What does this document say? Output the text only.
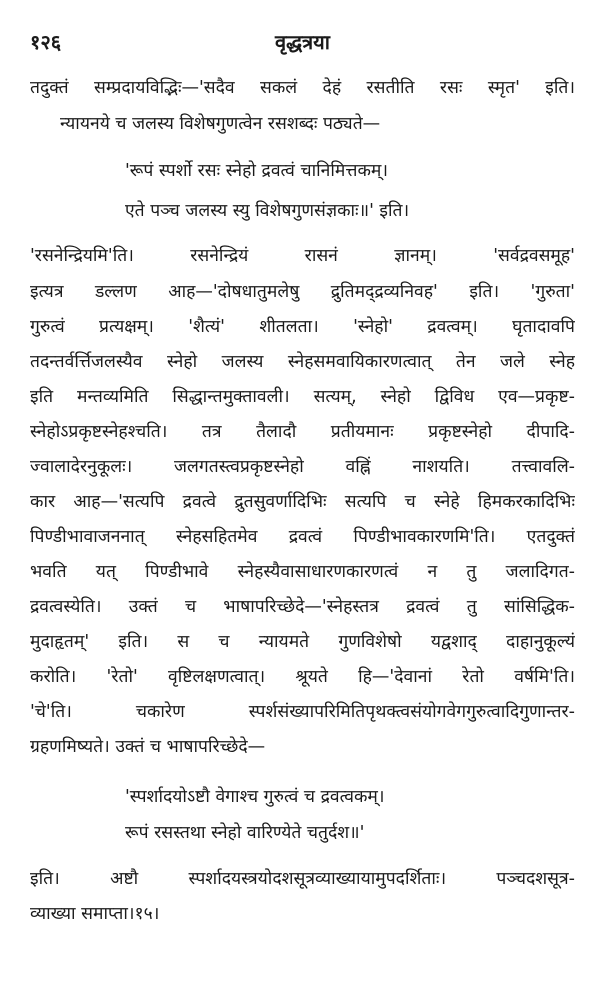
१२६	वृद्धत्रया
तदुक्तं सम्प्रदायविद्भिः—'सदैव सकलं देहं रसतीति रसः स्मृत' इति।
न्यायनये च जलस्य विशेषगुणत्वेन रसशब्दः पठ्यते—
'रूपं स्पर्शो रसः स्नेहो द्रवत्वं चानिमित्तकम्।
एते पञ्च जलस्य स्यु विशेषगुणसंज्ञकाः॥' इति।
'रसनेन्द्रियमि'ति। रसनेन्द्रियं रासनं ज्ञानम्। 'सर्वद्रवसमूह'
इत्यत्र डल्लण आह—'दोषधातुमलेषु द्रुतिमद्द्रव्यनिवह' इति। 'गुरुता'
गुरुत्वं प्रत्यक्षम्। 'शैत्यं' शीतलता। 'स्नेहो' द्रवत्वम्। घृतादावपि
तदन्तर्वर्त्तिजलस्यैव स्नेहो जलस्य स्नेहसमवायिकारणत्वात् तेन जले स्नेह
इति मन्तव्यमिति सिद्धान्तमुक्तावली। सत्यम्, स्नेहो द्विविध एव—प्रकृष्ट-
स्नेहोऽप्रकृष्टस्नेहश्चति। तत्र तैलादौ प्रतीयमानः प्रकृष्टस्नेहो दीपादि-
ज्वालादेरनुकूलः। जलगतस्त्वप्रकृष्टस्नेहो वह्निं नाशयति। तत्त्वावलि-
कार आह—'सत्यपि द्रवत्वे द्रुतसुवर्णादिभिः सत्यपि च स्नेहे हिमकरकादिभिः
पिण्डीभावाजननात् स्नेहसहितमेव द्रवत्वं पिण्डीभावकारणमि'ति। एतदुक्तं
भवति यत् पिण्डीभावे स्नेहस्यैवासाधारणकारणत्वं न तु जलादिगत-
द्रवत्वस्येति। उक्तं च भाषापरिच्छेदे—'स्नेहस्तत्र द्रवत्वं तु सांसिद्धिक-
मुदाहृतम्' इति। स च न्यायमते गुणविशेषो यद्वशाद् दाहानुकूल्यं
करोति। 'रेतो' वृष्टिलक्षणत्वात्। श्रूयते हि—'देवानां रेतो वर्षमि'ति।
'चे'ति। चकारेण स्पर्शसंख्यापरिमितिपृथक्त्वसंयोगवेगगुरुत्वादिगुणान्तर-
ग्रहणमिष्यते। उक्तं च भाषापरिच्छेदे—
'स्पर्शादयोऽष्टौ वेगाश्च गुरुत्वं च द्रवत्वकम्।
रूपं रसस्तथा स्नेहो वारिण्येते चतुर्दश॥'
इति। अष्टौ स्पर्शादयस्त्रयोदशसूत्रव्याख्यायामुपदर्शिताः। पञ्चदशसूत्र-
व्याख्या समाप्ता।१५।
